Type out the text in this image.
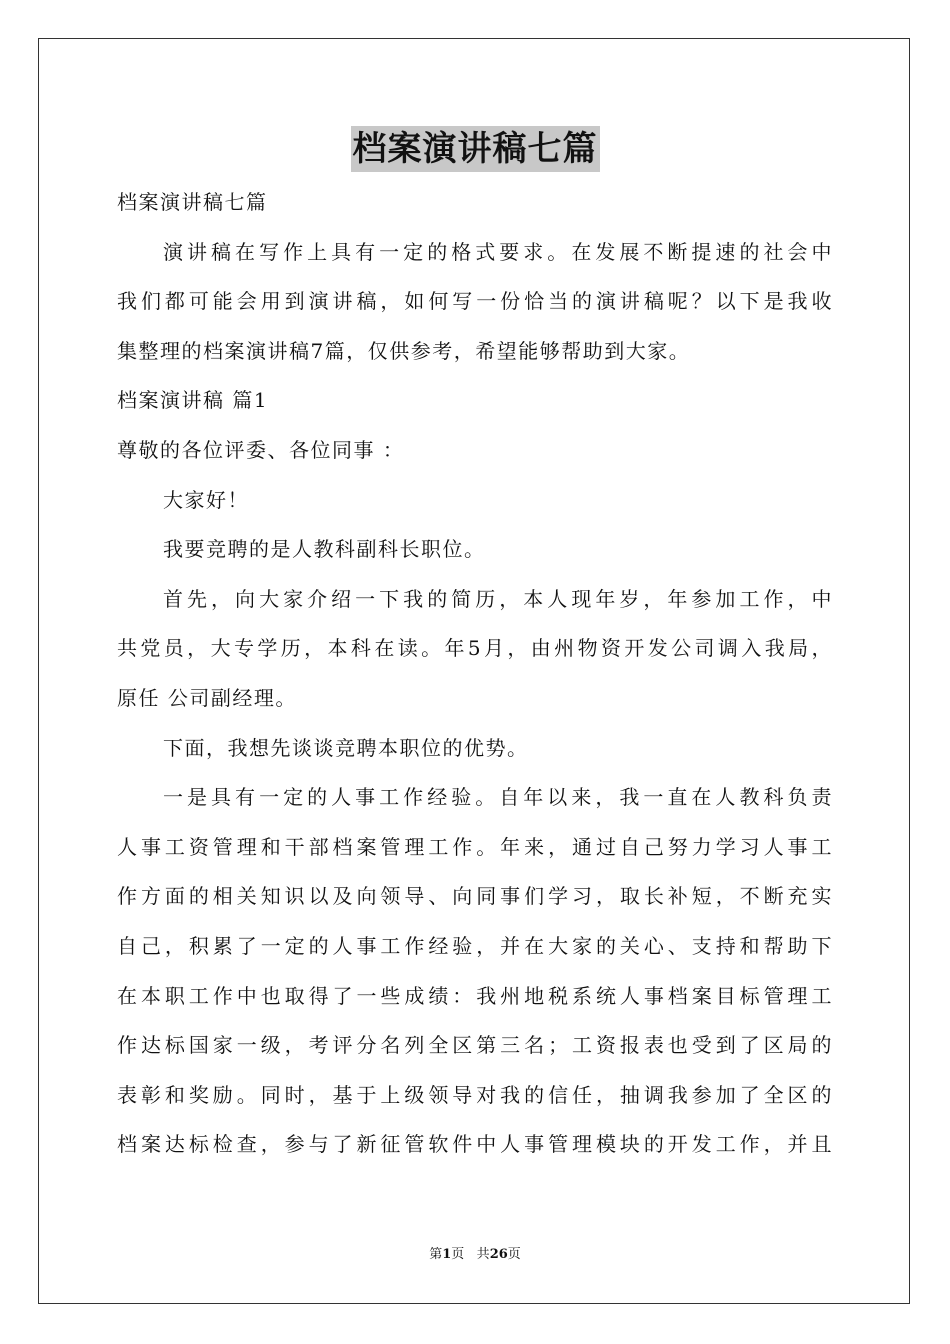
档案演讲稿七篇
档案演讲稿七篇
演讲稿在写作上具有一定的格式要求。在发展不断提速的社会中
我们都可能会用到演讲稿，如何写一份恰当的演讲稿呢？以下是我收
集整理的档案演讲稿7篇，仅供参考，希望能够帮助到大家。
档案演讲稿 篇1
尊敬的各位评委、各位同事 ：
大家好！
我要竞聘的是人教科副科长职位。
首先，向大家介绍一下我的简历，本人现年岁，年参加工作，中
共党员，大专学历，本科在读。年5月，由州物资开发公司调入我局，
原任 公司副经理。
下面，我想先谈谈竞聘本职位的优势。
一是具有一定的人事工作经验。自年以来，我一直在人教科负责
人事工资管理和干部档案管理工作。年来，通过自己努力学习人事工
作方面的相关知识以及向领导、向同事们学习，取长补短，不断充实
自己，积累了一定的人事工作经验，并在大家的关心、支持和帮助下
在本职工作中也取得了一些成绩：我州地税系统人事档案目标管理工
作达标国家一级，考评分名列全区第三名；工资报表也受到了区局的
表彰和奖励。同时，基于上级领导对我的信任，抽调我参加了全区的
档案达标检查，参与了新征管软件中人事管理模块的开发工作，并且
第1页 共26页
